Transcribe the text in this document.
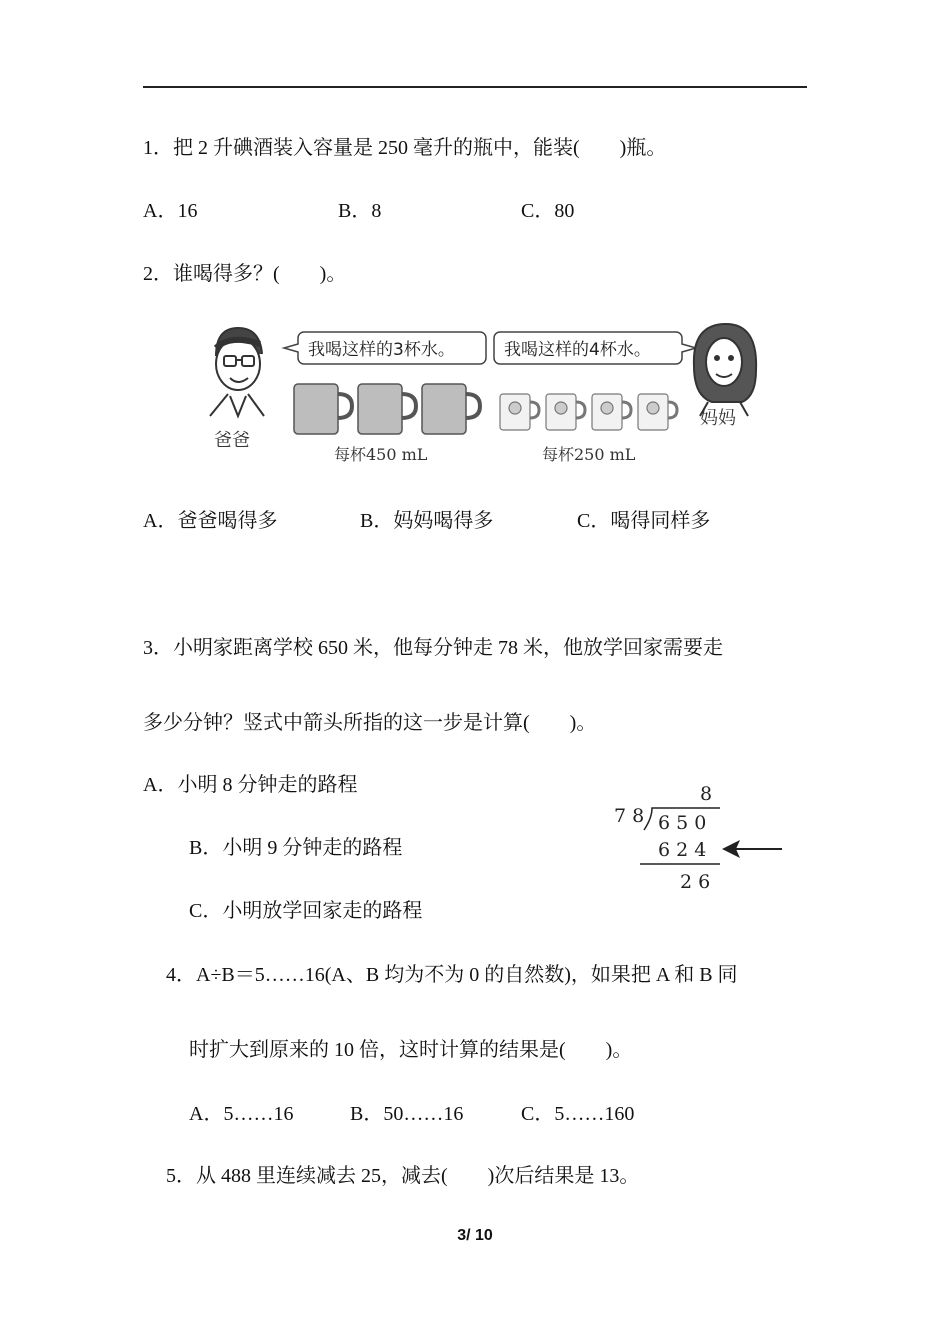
1．把 2 升碘酒装入容量是 250 毫升的瓶中，能装(　　)瓶。
A．16	B．8	C．80
2．谁喝得多？(　　)。
爸爸
我喝这样的3杯水。
每杯450 mL
我喝这样的4杯水。
每杯250 mL
妈妈
A．爸爸喝得多	B．妈妈喝得多	C．喝得同样多
3．小明家距离学校 650 米，他每分钟走 78 米，他放学回家需要走
多少分钟？竖式中箭头所指的这一步是计算(　　)。
A．小明 8 分钟走的路程
B．小明 9 分钟走的路程
C．小明放学回家走的路程
8
7 8 6 5 0
6 2 4
2 6
4．A÷B＝5……16(A、B 均为不为 0 的自然数)，如果把 A 和 B 同
时扩大到原来的 10 倍，这时计算的结果是(　　)。
A．5……16	B．50……16	C．5……160
5．从 488 里连续减去 25，减去(　　)次后结果是 13。
3/ 10
